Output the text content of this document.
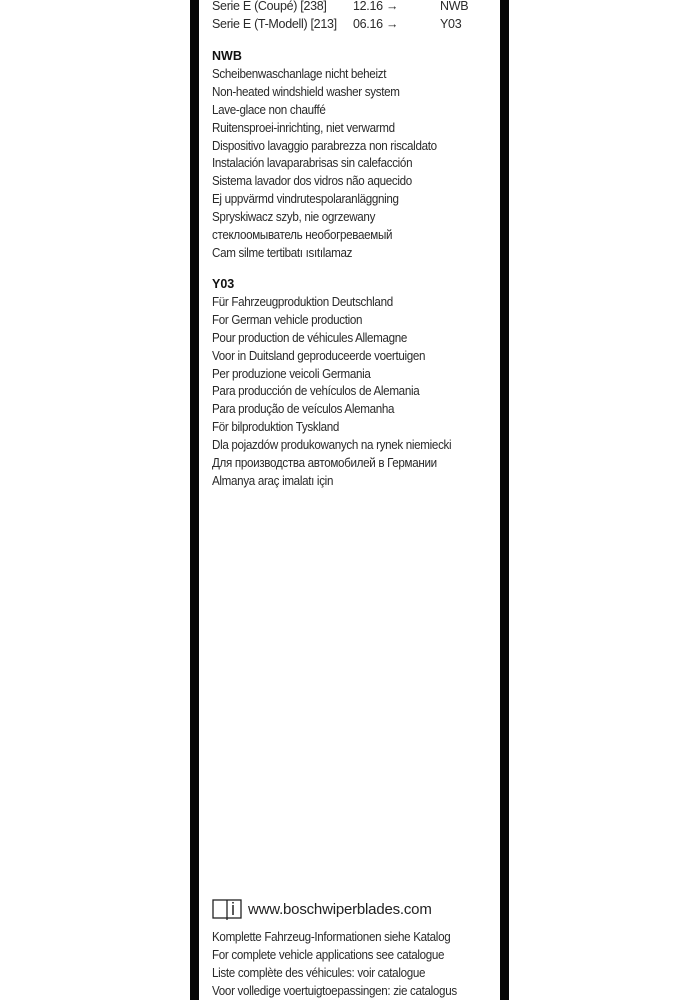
Serie E (Coupé) [238] 12.16 →	NWB
Serie E (T-Modell) [213] 06.16 →	Y03
NWB
Scheibenwaschanlage nicht beheizt
Non-heated windshield washer system
Lave-glace non chauffé
Ruitensproei-inrichting, niet verwarmd
Dispositivo lavaggio parabrezza non riscaldato
Instalación lavaparabrisas sin calefacción
Sistema lavador dos vidros não aquecido
Ej uppvärmd vindrutespolaranläggning
Spryskiwacz szyb, nie ogrzewany
стеклоомыватель необогреваемый
Cam silme tertibatı ısıtılamaz
Y03
Für Fahrzeugproduktion Deutschland
For German vehicle production
Pour production de véhicules Allemagne
Voor in Duitsland geproduceerde voertuigen
Per produzione veicoli Germania
Para producción de vehículos de Alemania
Para produção de veículos Alemanha
För bilproduktion Tyskland
Dla pojazdów produkowanych na rynek niemiecki
Для производства автомобилей в Германии
Almanya araç imalatı için
www.boschwiperblades.com
Komplette Fahrzeug-Informationen siehe Katalog
For complete vehicle applications see catalogue
Liste complète des véhicules: voir catalogue
Voor volledige voertuigtoepassingen: zie catalogus
